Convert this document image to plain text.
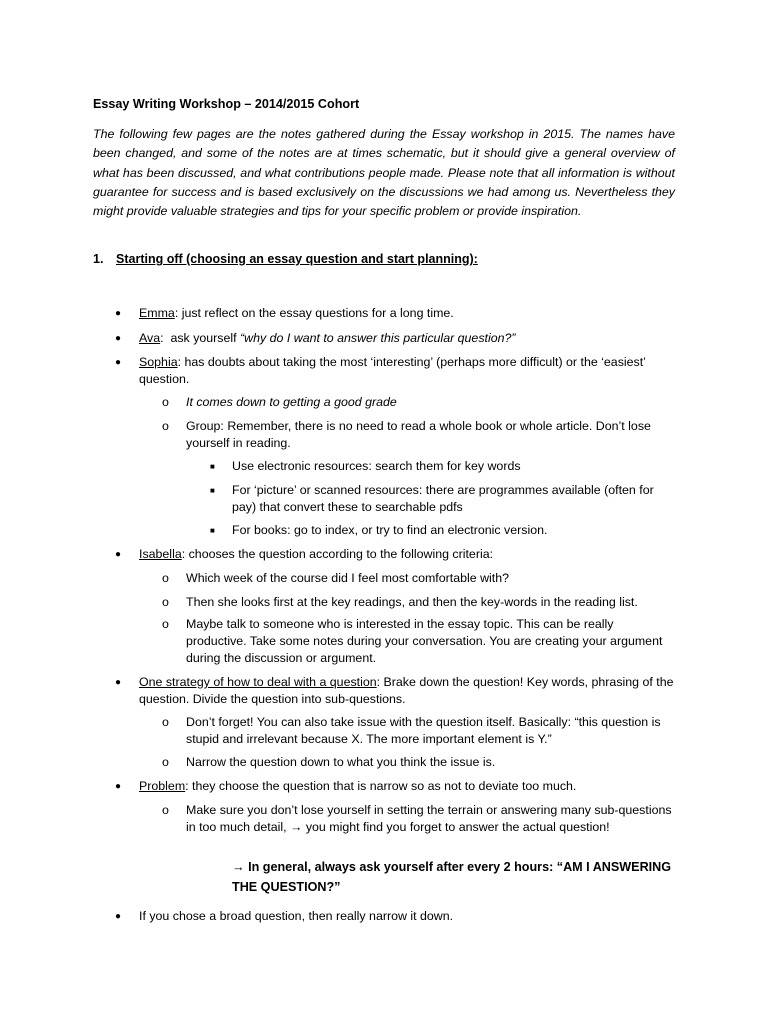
Essay Writing Workshop – 2014/2015 Cohort
The following few pages are the notes gathered during the Essay workshop in 2015. The names have been changed, and some of the notes are at times schematic, but it should give a general overview of what has been discussed, and what contributions people made. Please note that all information is without guarantee for success and is based exclusively on the discussions we had among us. Nevertheless they might provide valuable strategies and tips for your specific problem or provide inspiration.
1. Starting off (choosing an essay question and start planning):
● Emma: just reflect on the essay questions for a long time.
● Ava:  ask yourself “why do I want to answer this particular question?”
● Sophia: has doubts about taking the most ‘interesting’ (perhaps more difficult) or the ‘easiest’ question.
o It comes down to getting a good grade
o Group: Remember, there is no need to read a whole book or whole article. Don’t lose yourself in reading.
■ Use electronic resources: search them for key words
■ For ‘picture’ or scanned resources: there are programmes available (often for pay) that convert these to searchable pdfs
■ For books: go to index, or try to find an electronic version.
● Isabella: chooses the question according to the following criteria:
o Which week of the course did I feel most comfortable with?
o Then she looks first at the key readings, and then the key-words in the reading list.
o Maybe talk to someone who is interested in the essay topic. This can be really productive. Take some notes during your conversation. You are creating your argument during the discussion or argument.
● One strategy of how to deal with a question: Brake down the question! Key words, phrasing of the question. Divide the question into sub-questions.
o Don’t forget! You can also take issue with the question itself. Basically: “this question is stupid and irrelevant because X. The more important element is Y.”
o Narrow the question down to what you think the issue is.
● Problem: they choose the question that is narrow so as not to deviate too much.
o Make sure you don’t lose yourself in setting the terrain or answering many sub-questions in too much detail, → you might find you forget to answer the actual question!
→ In general, always ask yourself after every 2 hours: “AM I ANSWERING THE QUESTION?”
● If you chose a broad question, then really narrow it down.
